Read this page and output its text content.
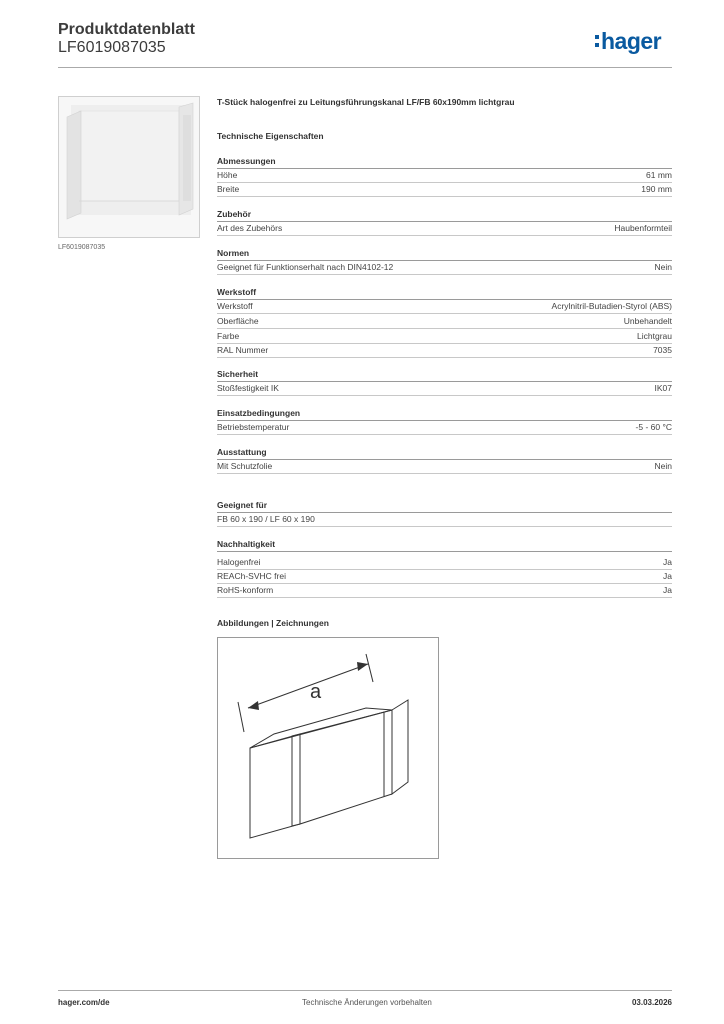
Produktdatenblatt
LF6019087035	hager
LF6019087035
T-Stück halogenfrei zu Leitungsführungskanal LF/FB 60x190mm lichtgrau
Technische Eigenschaften
Abmessungen
Höhe	61 mm
Breite	190 mm
Zubehör
Art des Zubehörs	Haubenformteil
Normen
Geeignet für Funktionserhalt nach DIN4102-12	Nein
Werkstoff
Werkstoff	Acrylnitril-Butadien-Styrol (ABS)
Oberfläche	Unbehandelt
Farbe	Lichtgrau
RAL Nummer	7035
Sicherheit
Stoßfestigkeit IK	IK07
Einsatzbedingungen
Betriebstemperatur	-5 - 60 °C
Ausstattung
Mit Schutzfolie	Nein
Geeignet für
FB 60 x 190 / LF 60 x 190
Nachhaltigkeit
Halogenfrei	Ja
REACh-SVHC frei	Ja
RoHS-konform	Ja
Abbildungen | Zeichnungen
a
hager.com/de	Technische Änderungen vorbehalten	03.03.2026
